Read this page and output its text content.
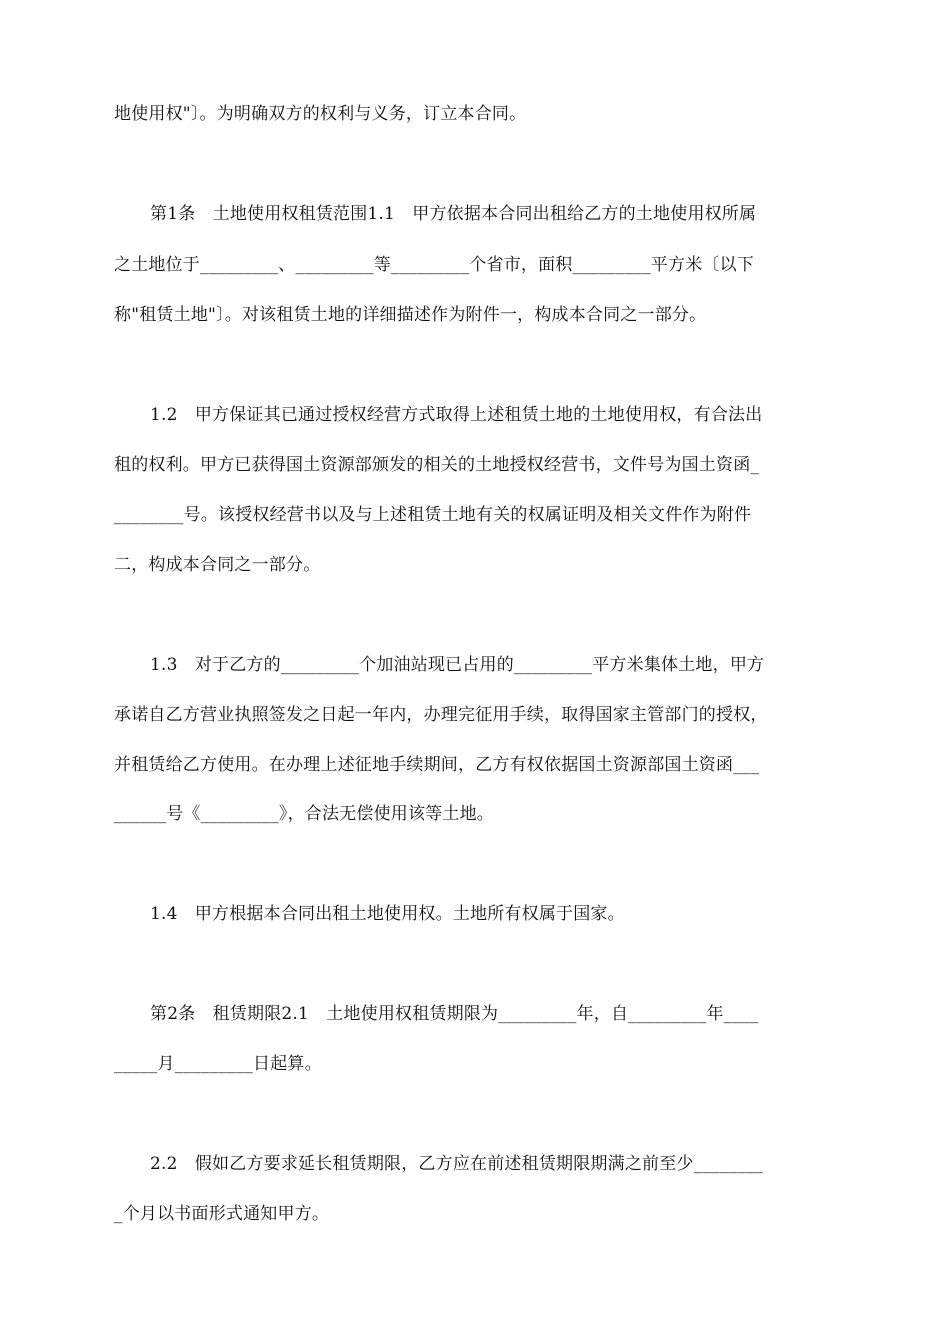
地使用权"〕。为明确双方的权利与义务，订立本合同。
第1条　土地使用权租赁范围1.1　甲方依据本合同出租给乙方的土地使用权所属
之土地位于_________、_________等_________个省市，面积_________平方米〔以下
称"租赁土地"〕。对该租赁土地的详细描述作为附件一，构成本合同之一部分。
1.2　甲方保证其已通过授权经营方式取得上述租赁土地的土地使用权，有合法出
租的权利。甲方已获得国土资源部颁发的相关的土地授权经营书，文件号为国土资函_
________号。该授权经营书以及与上述租赁土地有关的权属证明及相关文件作为附件
二，构成本合同之一部分。
1.3　对于乙方的_________个加油站现已占用的_________平方米集体土地，甲方
承诺自乙方营业执照签发之日起一年内，办理完征用手续，取得国家主管部门的授权，
并租赁给乙方使用。在办理上述征地手续期间，乙方有权依据国土资源部国土资函___
______号《_________》，合法无偿使用该等土地。
1.4　甲方根据本合同出租土地使用权。土地所有权属于国家。
第2条　租赁期限2.1　土地使用权租赁期限为_________年，自_________年____
_____月_________日起算。
2.2　假如乙方要求延长租赁期限，乙方应在前述租赁期限期满之前至少________
_个月以书面形式通知甲方。
